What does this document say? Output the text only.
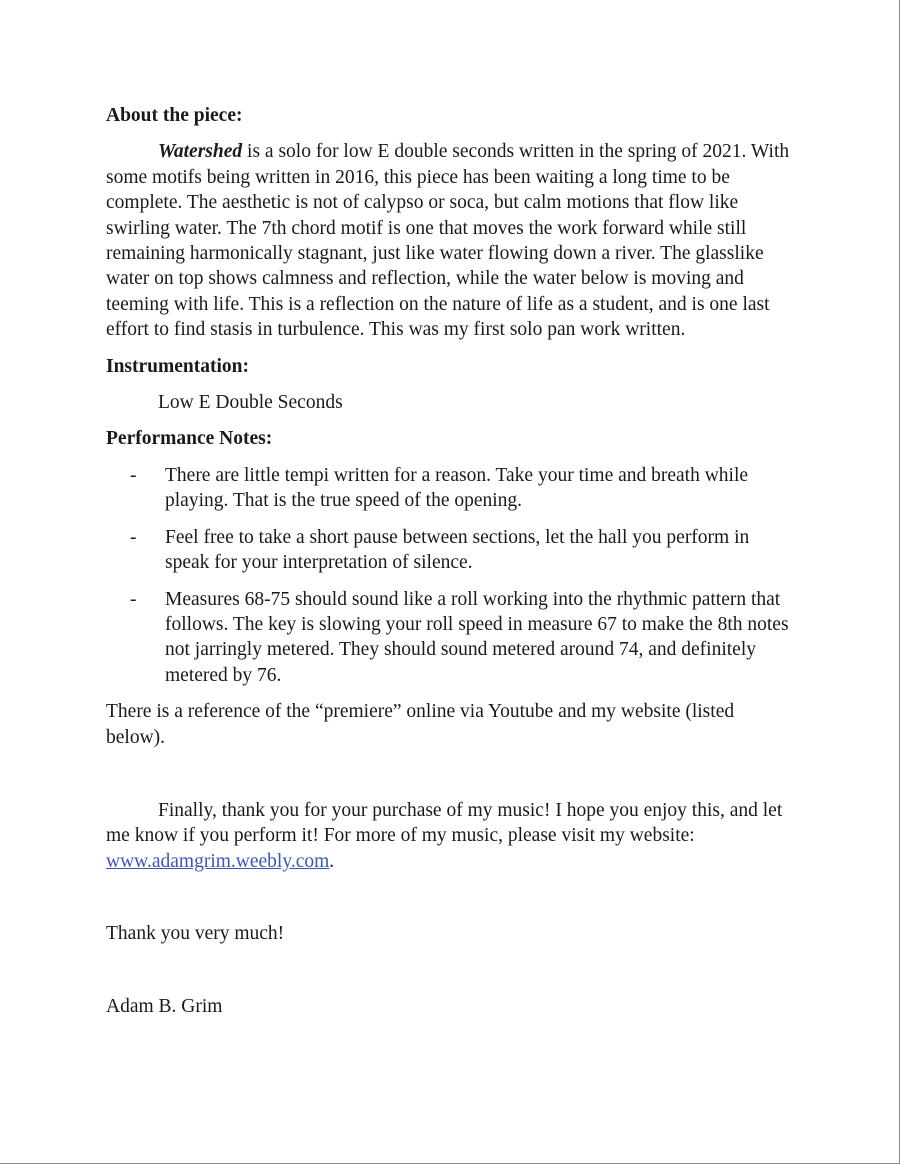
About the piece:

Watershed is a solo for low E double seconds written in the spring of 2021. With some motifs being written in 2016, this piece has been waiting a long time to be complete. The aesthetic is not of calypso or soca, but calm motions that flow like swirling water. The 7th chord motif is one that moves the work forward while still remaining harmonically stagnant, just like water flowing down a river. The glasslike water on top shows calmness and reflection, while the water below is moving and teeming with life. This is a reflection on the nature of life as a student, and is one last effort to find stasis in turbulence. This was my first solo pan work written.

Instrumentation:

Low E Double Seconds

Performance Notes:

- There are little tempi written for a reason. Take your time and breath while playing. That is the true speed of the opening.
- Feel free to take a short pause between sections, let the hall you perform in speak for your interpretation of silence.
- Measures 68-75 should sound like a roll working into the rhythmic pattern that follows. The key is slowing your roll speed in measure 67 to make the 8th notes not jarringly metered. They should sound metered around 74, and definitely metered by 76.

There is a reference of the “premiere” online via Youtube and my website (listed below).

Finally, thank you for your purchase of my music! I hope you enjoy this, and let me know if you perform it! For more of my music, please visit my website: www.adamgrim.weebly.com.

Thank you very much!

Adam B. Grim
